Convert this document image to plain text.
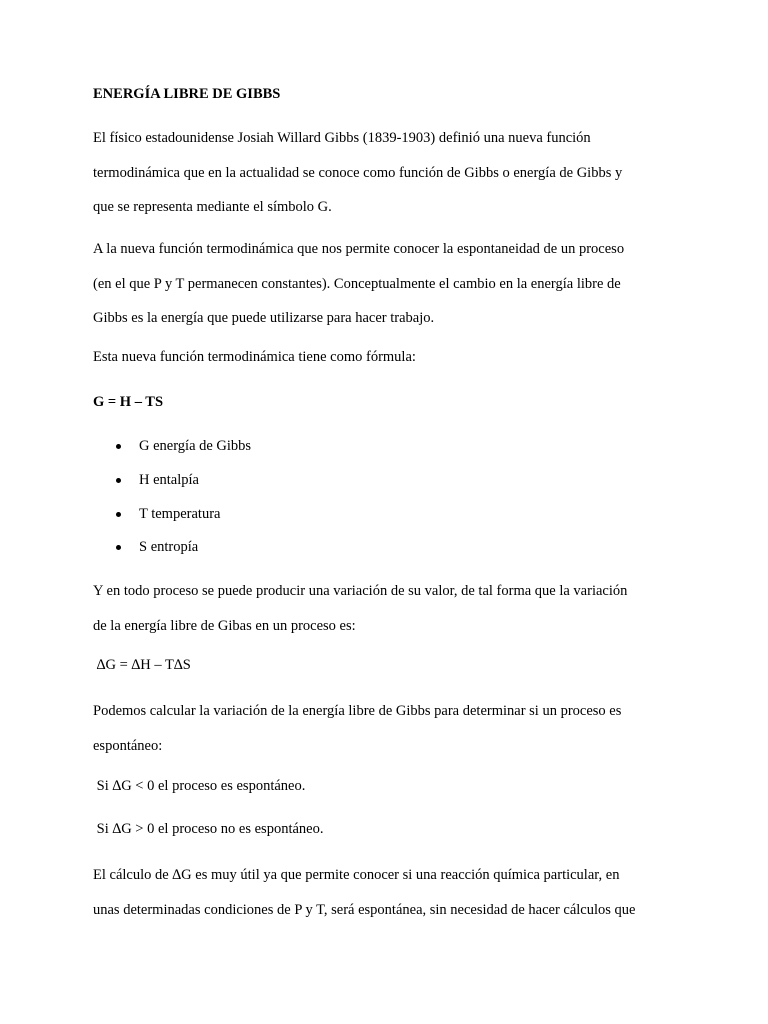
ENERGÍA LIBRE DE GIBBS

El físico estadounidense Josiah Willard Gibbs (1839-1903) definió una nueva función
termodinámica que en la actualidad se conoce como función de Gibbs o energía de Gibbs y
que se representa mediante el símbolo G.

A la nueva función termodinámica que nos permite conocer la espontaneidad de un proceso
(en el que P y T permanecen constantes). Conceptualmente el cambio en la energía libre de
Gibbs es la energía que puede utilizarse para hacer trabajo.

Esta nueva función termodinámica tiene como fórmula:

G = H – TS

G energía de Gibbs
H entalpía
T temperatura
S entropía

Y en todo proceso se puede producir una variación de su valor, de tal forma que la variación
de la energía libre de Gibas en un proceso es:

∆G = ∆H – T∆S

Podemos calcular la variación de la energía libre de Gibbs para determinar si un proceso es
espontáneo:

Si ∆G < 0 el proceso es espontáneo.

Si ∆G > 0 el proceso no es espontáneo.

El cálculo de ∆G es muy útil ya que permite conocer si una reacción química particular, en
unas determinadas condiciones de P y T, será espontánea, sin necesidad de hacer cálculos que
